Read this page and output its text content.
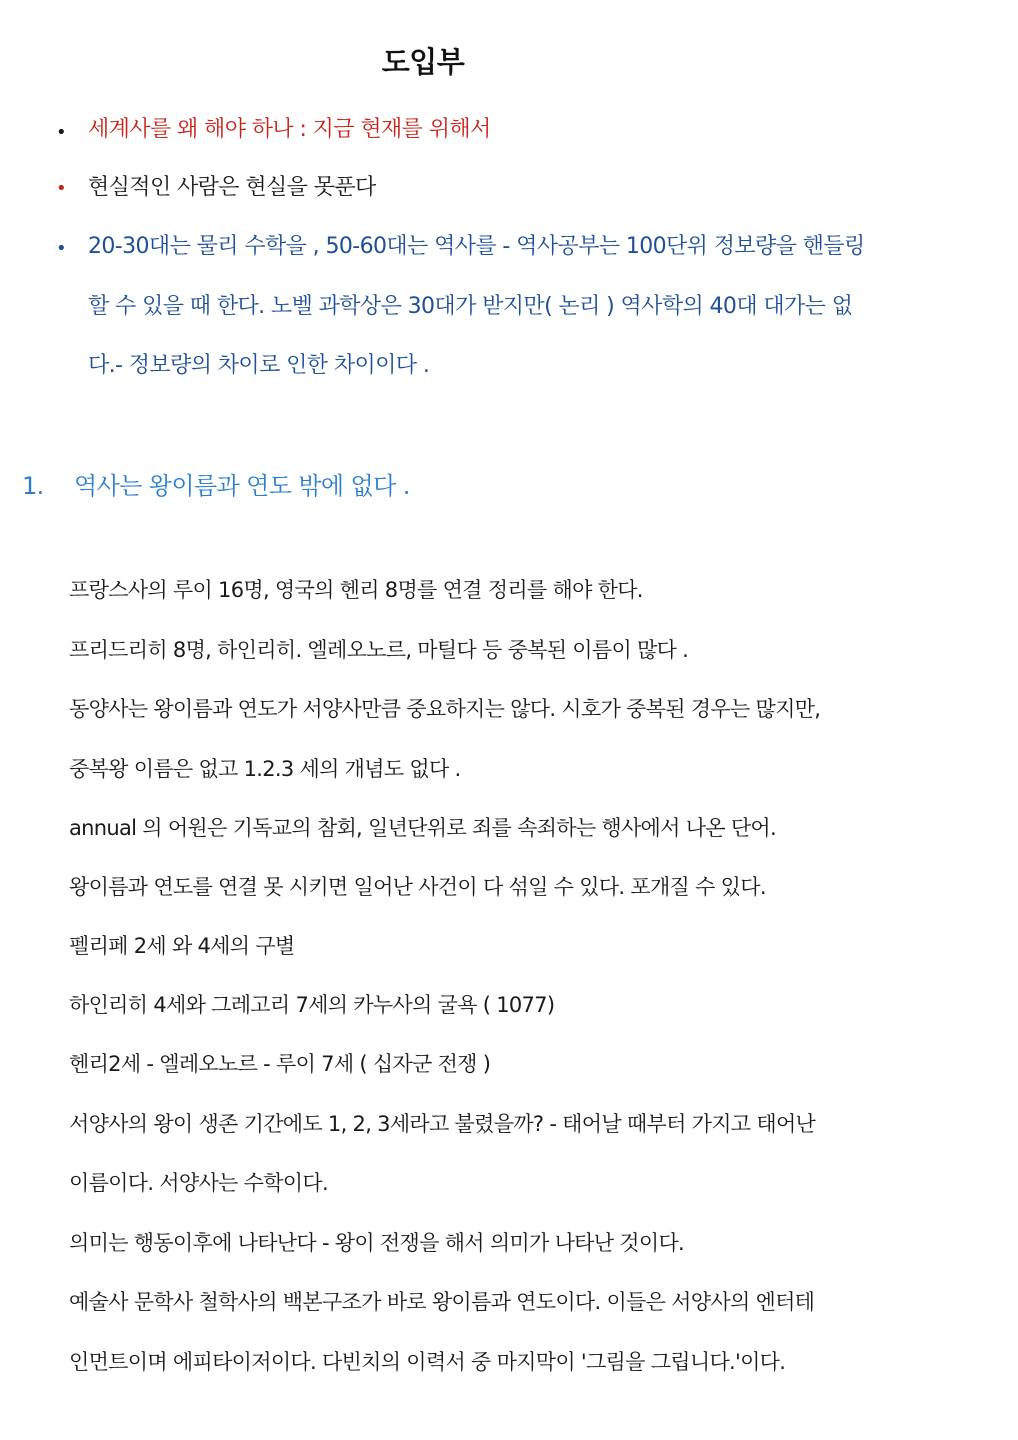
도입부
• 세계사를 왜 해야 하나 : 지금 현재를 위해서
• 현실적인 사람은 현실을 못푼다
• 20-30대는 물리 수학을 , 50-60대는 역사를 - 역사공부는 100단위 정보량을 핸들링
할 수 있을 때 한다. 노벨 과학상은 30대가 받지만( 논리 ) 역사학의 40대 대가는 없
다.- 정보량의 차이로 인한 차이이다 .
1. 역사는 왕이름과 연도 밖에 없다 .
프랑스사의 루이 16명, 영국의 헨리 8명를 연결 정리를 해야 한다.
프리드리히 8명, 하인리히. 엘레오노르, 마틸다 등 중복된 이름이 많다 .
동양사는 왕이름과 연도가 서양사만큼 중요하지는 않다. 시호가 중복된 경우는 많지만,
중복왕 이름은 없고 1.2.3 세의 개념도 없다 .
annual 의 어원은 기독교의 참회, 일년단위로 죄를 속죄하는 행사에서 나온 단어.
왕이름과 연도를 연결 못 시키면 일어난 사건이 다 섞일 수 있다. 포개질 수 있다.
펠리페 2세 와 4세의 구별
하인리히 4세와 그레고리 7세의 카누사의 굴욕 ( 1077)
헨리2세 - 엘레오노르 - 루이 7세 ( 십자군 전쟁 )
서양사의 왕이 생존 기간에도 1, 2, 3세라고 불렸을까? - 태어날 때부터 가지고 태어난
이름이다. 서양사는 수학이다.
의미는 행동이후에 나타난다 - 왕이 전쟁을 해서 의미가 나타난 것이다.
예술사 문학사 철학사의 백본구조가 바로 왕이름과 연도이다. 이들은 서양사의 엔터테
인먼트이며 에피타이저이다. 다빈치의 이력서 중 마지막이 '그림을 그립니다.'이다.
